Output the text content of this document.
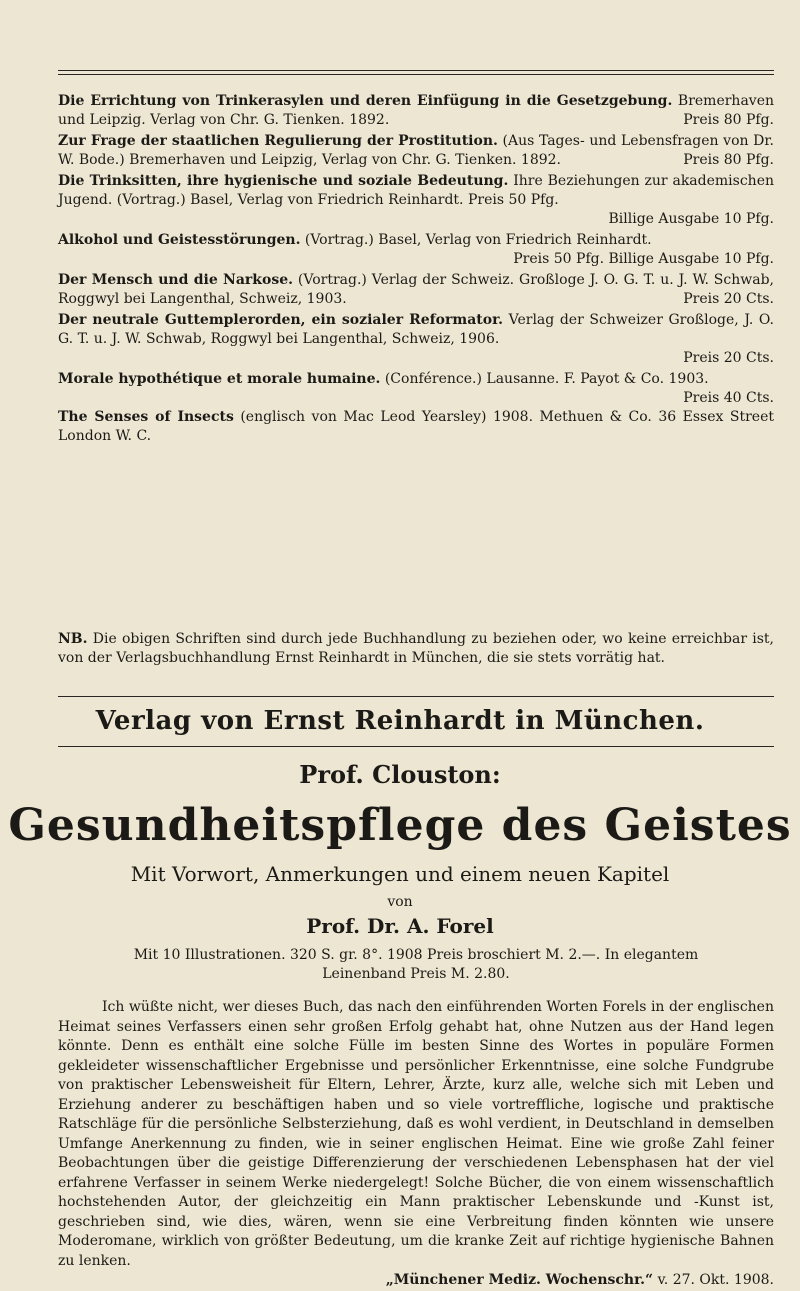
Die Errichtung von Trinkerasylen und deren Einfügung in die Gesetzgebung. Bremerhaven und Leipzig. Verlag von Chr. G. Tienken. 1892.	Preis 80 Pfg.
Zur Frage der staatlichen Regulierung der Prostitution. (Aus Tages- und Lebensfragen von Dr. W. Bode.) Bremerhaven und Leipzig, Verlag von Chr. G. Tienken. 1892.	Preis 80 Pfg.
Die Trinksitten, ihre hygienische und soziale Bedeutung. Ihre Beziehungen zur akademischen Jugend. (Vortrag.) Basel, Verlag von Friedrich Reinhardt. Preis 50 Pfg.
Billige Ausgabe 10 Pfg.
Alkohol und Geistesstörungen. (Vortrag.) Basel, Verlag von Friedrich Reinhardt.
Preis 50 Pfg. Billige Ausgabe 10 Pfg.
Der Mensch und die Narkose. (Vortrag.) Verlag der Schweiz. Großloge J. O. G. T. u. J. W. Schwab, Roggwyl bei Langenthal, Schweiz, 1903.	Preis 20 Cts.
Der neutrale Guttemplerorden, ein sozialer Reformator. Verlag der Schweizer Großloge, J. O. G. T. u. J. W. Schwab, Roggwyl bei Langenthal, Schweiz, 1906.
Preis 20 Cts.
Morale hypothétique et morale humaine. (Conférence.) Lausanne. F. Payot & Co. 1903.
Preis 40 Cts.
The Senses of Insects (englisch von Mac Leod Yearsley) 1908. Methuen & Co. 36 Essex Street London W. C.
NB. Die obigen Schriften sind durch jede Buchhandlung zu beziehen oder, wo keine erreichbar ist, von der Verlagsbuchhandlung Ernst Reinhardt in München, die sie stets vorrätig hat.
Verlag von Ernst Reinhardt in München.
Prof. Clouston:
Gesundheitspflege des Geistes
Mit Vorwort, Anmerkungen und einem neuen Kapitel
von
Prof. Dr. A. Forel
Mit 10 Illustrationen. 320 S. gr. 8°. 1908 Preis broschiert M. 2.—. In elegantem
Leinenband Preis M. 2.80.
Ich wüßte nicht, wer dieses Buch, das nach den einführenden Worten Forels in der englischen Heimat seines Verfassers einen sehr großen Erfolg gehabt hat, ohne Nutzen aus der Hand legen könnte. Denn es enthält eine solche Fülle im besten Sinne des Wortes in populäre Formen gekleideter wissenschaftlicher Ergebnisse und persönlicher Erkenntnisse, eine solche Fundgrube von praktischer Lebensweisheit für Eltern, Lehrer, Ärzte, kurz alle, welche sich mit Leben und Erziehung anderer zu beschäftigen haben und so viele vortreffliche, logische und praktische Ratschläge für die persönliche Selbsterziehung, daß es wohl verdient, in Deutschland in demselben Umfange Anerkennung zu finden, wie in seiner englischen Heimat. Eine wie große Zahl feiner Beobachtungen über die geistige Differenzierung der verschiedenen Lebensphasen hat der viel erfahrene Verfasser in seinem Werke niedergelegt! Solche Bücher, die von einem wissenschaftlich hochstehenden Autor, der gleichzeitig ein Mann praktischer Lebenskunde und -Kunst ist, geschrieben sind, wie dies, wären, wenn sie eine Verbreitung finden könnten wie unsere Moderomane, wirklich von größter Bedeutung, um die kranke Zeit auf richtige hygienische Bahnen zu lenken.
„Münchener Mediz. Wochenschr.“ v. 27. Okt. 1908.
